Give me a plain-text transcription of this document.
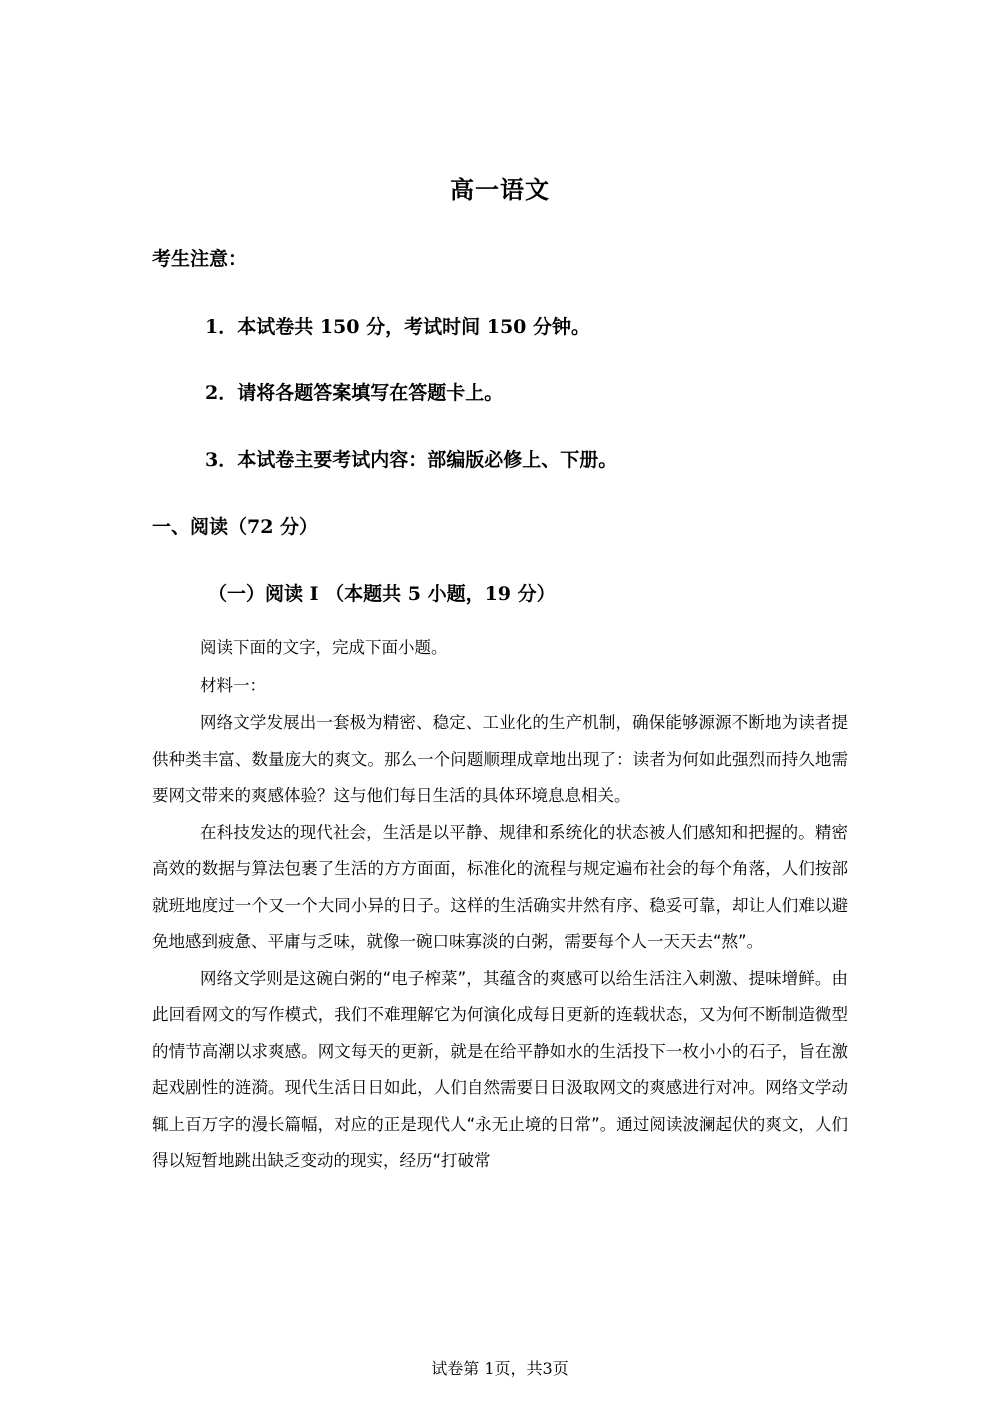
高一语文
考生注意：
1．本试卷共 150 分，考试时间 150 分钟。
2．请将各题答案填写在答题卡上。
3．本试卷主要考试内容：部编版必修上、下册。
一、阅读（72 分）
（一）阅读 I （本题共 5 小题，19 分）
阅读下面的文字，完成下面小题。
材料一：

网络文学发展出一套极为精密、稳定、工业化的生产机制，确保能够源源不断地为读者提供种类丰富、数量庞大的爽文。那么一个问题顺理成章地出现了：读者为何如此强烈而持久地需要网文带来的爽感体验？这与他们每日生活的具体环境息息相关。

在科技发达的现代社会，生活是以平静、规律和系统化的状态被人们感知和把握的。精密高效的数据与算法包裹了生活的方方面面，标准化的流程与规定遍布社会的每个角落，人们按部就班地度过一个又一个大同小异的日子。这样的生活确实井然有序、稳妥可靠，却让人们难以避免地感到疲惫、平庸与乏味，就像一碗口味寡淡的白粥，需要每个人一天天去“熬”。

网络文学则是这碗白粥的“电子榨菜”，其蕴含的爽感可以给生活注入刺激、提味增鲜。由此回看网文的写作模式，我们不难理解它为何演化成每日更新的连载状态，又为何不断制造微型的情节高潮以求爽感。网文每天的更新，就是在给平静如水的生活投下一枚小小的石子，旨在激起戏剧性的涟漪。现代生活日日如此，人们自然需要日日汲取网文的爽感进行对冲。网络文学动辄上百万字的漫长篇幅，对应的正是现代人“永无止境的日常”。通过阅读波澜起伏的爽文，人们得以短暂地跳出缺乏变动的现实，经历“打破常

试卷第 1页，共3页
